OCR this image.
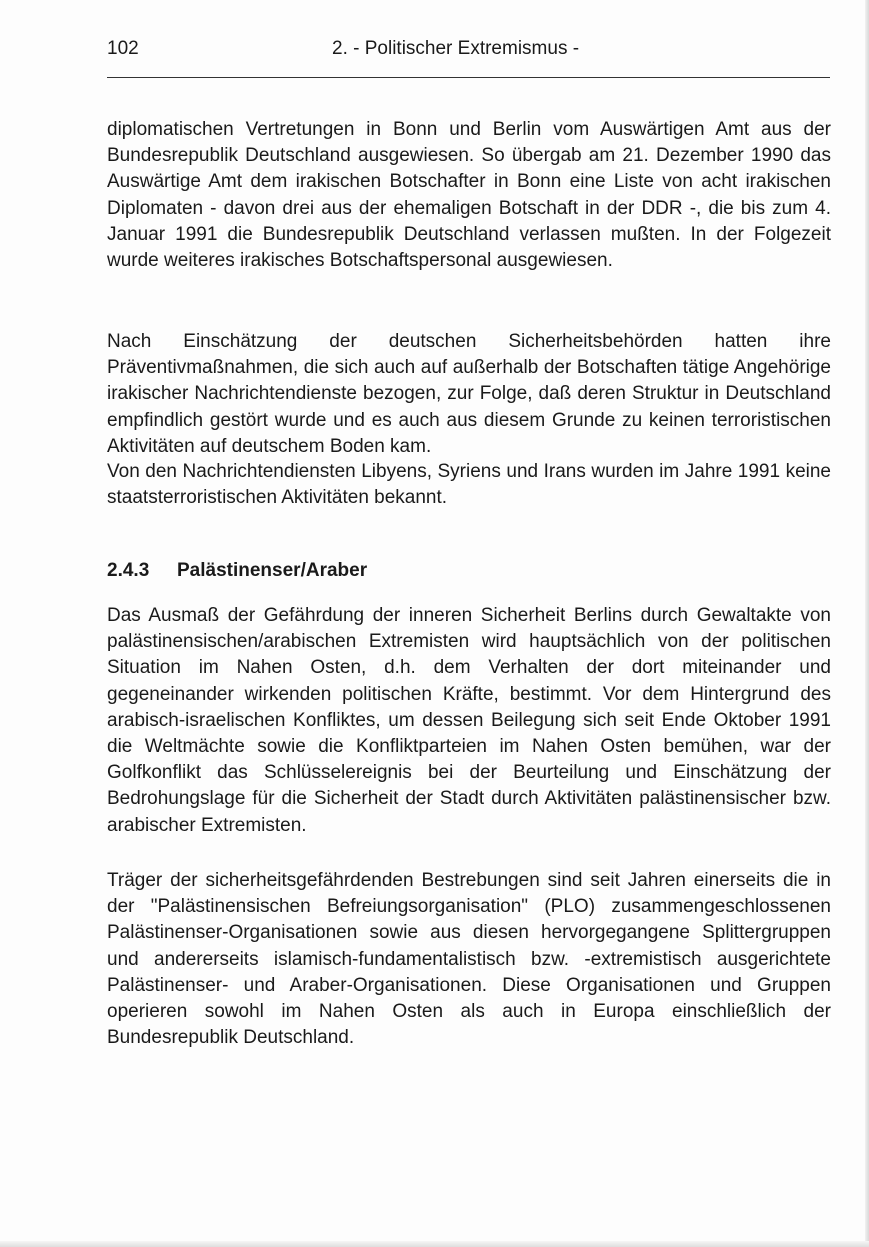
102	2. - Politischer Extremismus -

diplomatischen Vertretungen in Bonn und Berlin vom Auswärtigen Amt aus der Bundesrepublik Deutschland ausgewiesen. So übergab am 21. Dezember 1990 das Auswärtige Amt dem irakischen Botschafter in Bonn eine Liste von acht irakischen Diplomaten - davon drei aus der ehemaligen Botschaft in der DDR -, die bis zum 4. Januar 1991 die Bundesrepublik Deutschland verlassen mußten. In der Folgezeit wurde weiteres irakisches Botschaftspersonal ausgewiesen.

Nach Einschätzung der deutschen Sicherheitsbehörden hatten ihre Präventivmaßnahmen, die sich auch auf außerhalb der Botschaften tätige Angehörige irakischer Nachrichtendienste bezogen, zur Folge, daß deren Struktur in Deutschland empfindlich gestört wurde und es auch aus diesem Grunde zu keinen terroristischen Aktivitäten auf deutschem Boden kam.

Von den Nachrichtendiensten Libyens, Syriens und Irans wurden im Jahre 1991 keine staatsterroristischen Aktivitäten bekannt.

2.4.3 Palästinenser/Araber

Das Ausmaß der Gefährdung der inneren Sicherheit Berlins durch Gewaltakte von palästinensischen/arabischen Extremisten wird hauptsächlich von der politischen Situation im Nahen Osten, d.h. dem Verhalten der dort miteinander und gegeneinander wirkenden politischen Kräfte, bestimmt. Vor dem Hintergrund des arabisch-israelischen Konfliktes, um dessen Beilegung sich seit Ende Oktober 1991 die Weltmächte sowie die Konfliktparteien im Nahen Osten bemühen, war der Golfkonflikt das Schlüsselereignis bei der Beurteilung und Einschätzung der Bedrohungslage für die Sicherheit der Stadt durch Aktivitäten palästinensischer bzw. arabischer Extremisten.

Träger der sicherheitsgefährdenden Bestrebungen sind seit Jahren einerseits die in der "Palästinensischen Befreiungsorganisation" (PLO) zusammengeschlossenen Palästinenser-Organisationen sowie aus diesen hervorgegangene Splittergruppen und andererseits islamisch-fundamentalistisch bzw. -extremistisch ausgerichtete Palästinenser- und Araber-Organisationen. Diese Organisationen und Gruppen operieren sowohl im Nahen Osten als auch in Europa einschließlich der Bundesrepublik Deutschland.
